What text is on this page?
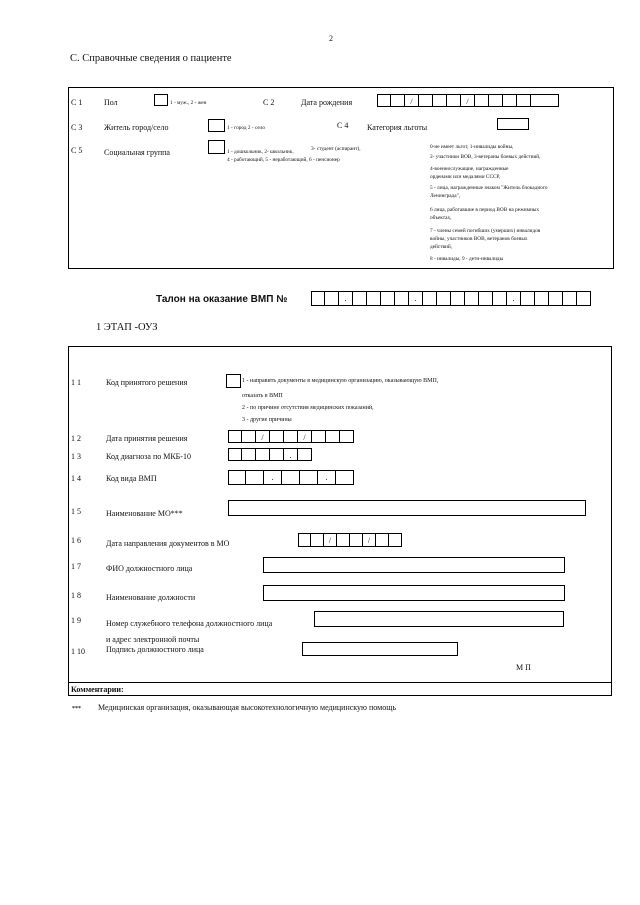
2
С. Справочные сведения о пациенте
С 1	Пол	1 - муж., 2 - жен	С 2	Дата рождения	/	/
С 3	Житель город/село	1 - город 2 - село	С 4 Категория льготы
С 5	Социальная группа	1 - дошкольник, 2- школьник,	3- студент (аспирант),
4 - работающий, 5 - неработающий, 6 - пенсионер
0-не имеет льгот, 1-инвалиды войны,
2- участники ВОВ, 3-ветераны боевых действий,
4-военнослужащие, награжденные
орденами или медалями СССР,
5 - лица, награжденные знаком "Житель блокадного
Ленинграда",
6 лица, работавшие в период ВОВ на режимных
объектах,
7 - члены семей погибших (умерших) инвалидов
войны, участников ВОВ, ветеранов боевых
действий,
8 - инвалиды, 9 - дети-инвалиды
Талон на оказание ВМП №	.	.	.
1 ЭТАП -ОУЗ
1 1	Код принятого решения	1 - направить документы в медицинскую организацию, оказывающую ВМП,
отказать в ВМП
2 - по причине отсутствия медицинских показаний,
3 - другие причины
1 2	Дата принятия решения	/	/
1 3	Код диагноза по МКБ-10	.
1 4	Код вида ВМП	.	.
1 5	Наименование МО***
1 6	Дата направления документов в МО	/	/
1 7	ФИО должностного лица
1 8	Наименование должности
1 9	Номер служебного телефона должностного лица
и адрес электронной почты
1 10	Подпись должностного лица
М П
Комментарии:
*** Медицинская организация, оказывающая высокотехнологичную медицинскую помощь
